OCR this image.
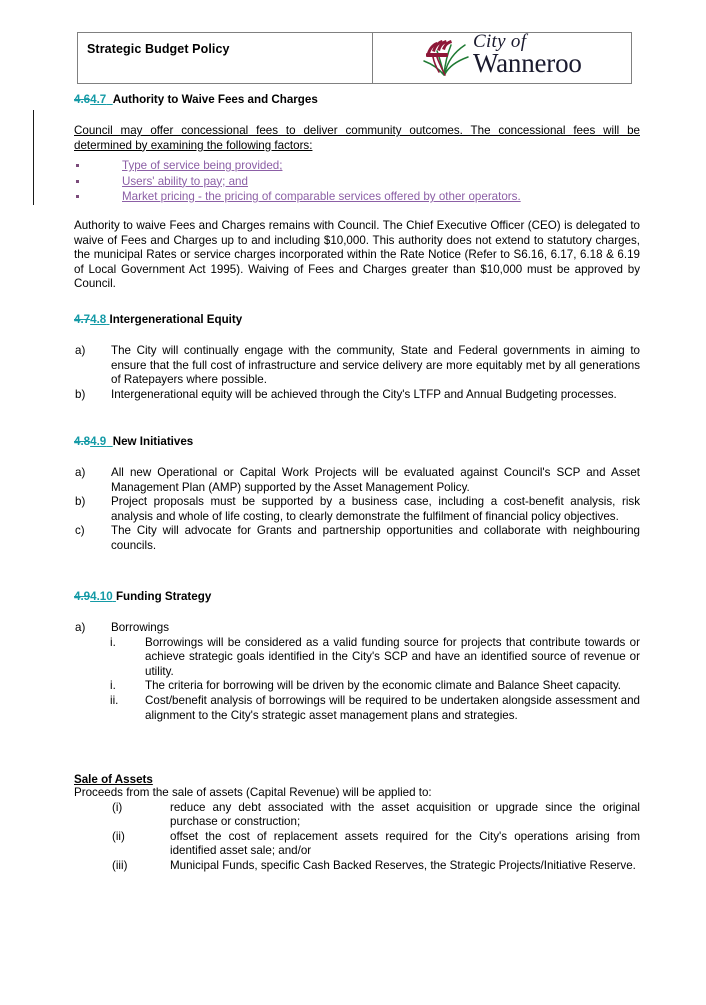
Strategic Budget Policy	City of
Wanneroo
4.64.7 Authority to Waive Fees and Charges

Council may offer concessional fees to deliver community outcomes. The concessional fees will be determined by examining the following factors:

Type of service being provided;
Users' ability to pay; and
Market pricing - the pricing of comparable services offered by other operators.

Authority to waive Fees and Charges remains with Council. The Chief Executive Officer (CEO) is delegated to waive of Fees and Charges up to and including $10,000. This authority does not extend to statutory charges, the municipal Rates or service charges incorporated within the Rate Notice (Refer to S6.16, 6.17, 6.18 & 6.19 of Local Government Act 1995). Waiving of Fees and Charges greater than $10,000 must be approved by Council.

4.74.8 Intergenerational Equity
a)	The City will continually engage with the community, State and Federal governments in aiming to ensure that the full cost of infrastructure and service delivery are more equitably met by all generations of Ratepayers where possible.
b)	Intergenerational equity will be achieved through the City's LTFP and Annual Budgeting processes.
4.84.9 New Initiatives
a)	All new Operational or Capital Work Projects will be evaluated against Council's SCP and Asset Management Plan (AMP) supported by the Asset Management Policy.
b)	Project proposals must be supported by a business case, including a cost-benefit analysis, risk analysis and whole of life costing, to clearly demonstrate the fulfilment of financial policy objectives.
c)	The City will advocate for Grants and partnership opportunities and collaborate with neighbouring councils.
4.94.10 Funding Strategy
a)	Borrowings
i.	Borrowings will be considered as a valid funding source for projects that contribute towards or achieve strategic goals identified in the City's SCP and have an identified source of revenue or utility.
i.	The criteria for borrowing will be driven by the economic climate and Balance Sheet capacity.
ii.	Cost/benefit analysis of borrowings will be required to be undertaken alongside assessment and alignment to the City's strategic asset management plans and strategies.

Sale of Assets

Proceeds from the sale of assets (Capital Revenue) will be applied to:

(i)	reduce any debt associated with the asset acquisition or upgrade since the original purchase or construction;
(ii)	offset the cost of replacement assets required for the City's operations arising from identified asset sale; and/or
(iii)	Municipal Funds, specific Cash Backed Reserves, the Strategic Projects/Initiative Reserve.
